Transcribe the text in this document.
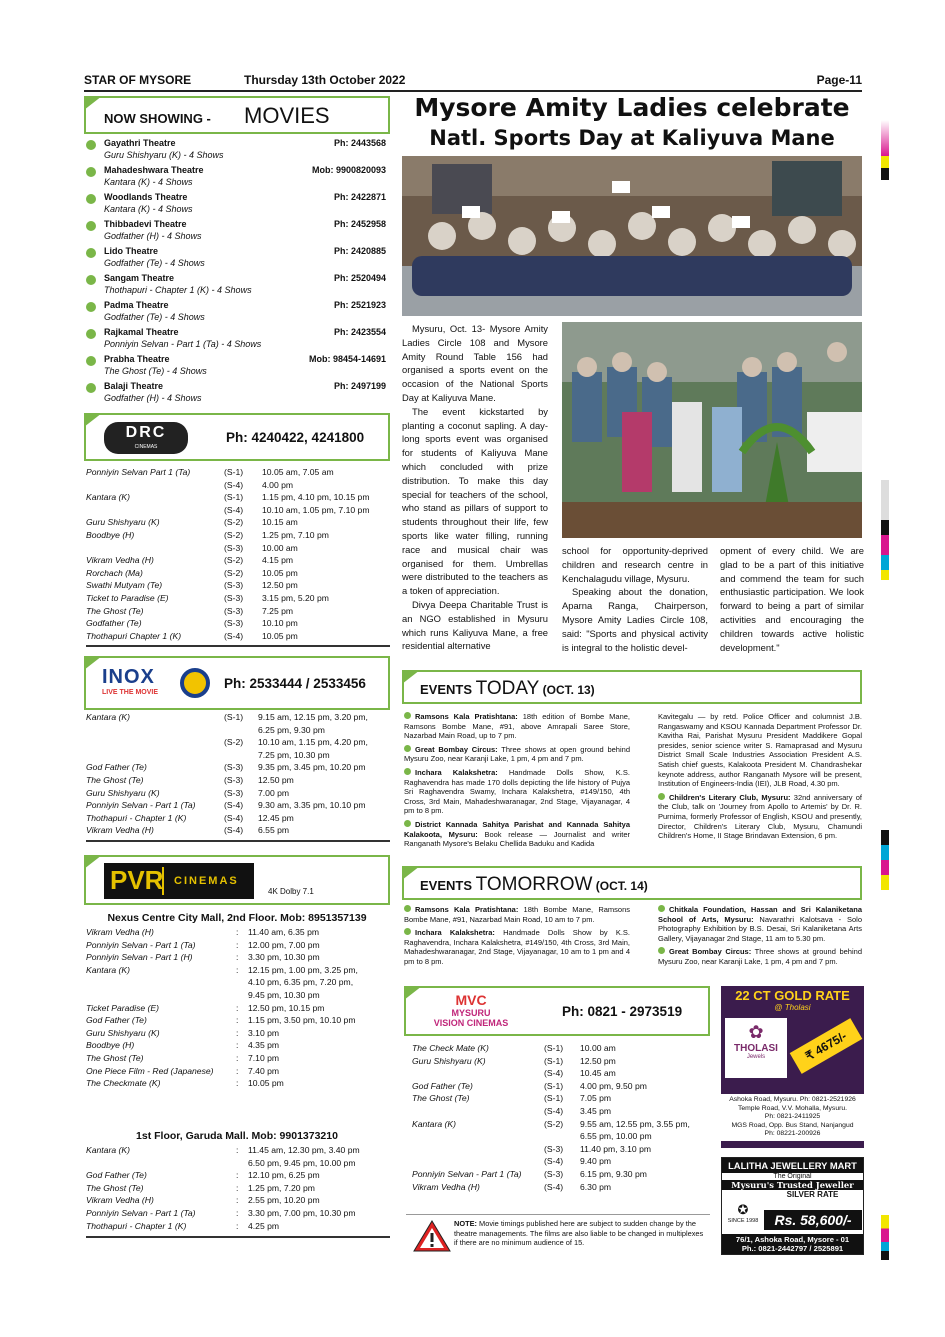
STAR OF MYSORE	Thursday 13th October 2022	Page-11
NOW SHOWING - MOVIES
Gayathri Theatre	Ph: 2443568
Guru Shishyaru (K) - 4 Shows
Mahadeshwara Theatre	Mob: 9900820093
Kantara (K) - 4 Shows
Woodlands Theatre	Ph: 2422871
Kantara (K) - 4 Shows
Thibbadevi Theatre	Ph: 2452958
Godfather (H) - 4 Shows
Lido Theatre	Ph: 2420885
Godfather (Te) - 4 Shows
Sangam Theatre	Ph: 2520494
Thothapuri - Chapter 1 (K) - 4 Shows
Padma Theatre	Ph: 2521923
Godfather (Te) - 4 Shows
Rajkamal Theatre	Ph: 2423554
Ponniyin Selvan - Part 1 (Ta) - 4 Shows
Prabha Theatre	Mob: 98454-14691
The Ghost (Te) - 4 Shows
Balaji Theatre	Ph: 2497199
Godfather (H) - 4 Shows
DRC
CINEMAS
Ph: 4240422, 4241800
Ponniyin Selvan Part 1 (Ta)	(S-1)	10.05 am, 7.05 am
	(S-4)	4.00 pm
Kantara (K)	(S-1)	1.15 pm, 4.10 pm, 10.15 pm
	(S-4)	10.10 am, 1.05 pm, 7.10 pm
Guru Shishyaru (K)	(S-2)	10.15 am
Boodbye (H)	(S-2)	1.25 pm, 7.10 pm
	(S-3)	10.00 am
Vikram Vedha (H)	(S-2)	4.15 pm
Rorchach (Ma)	(S-2)	10.05 pm
Swathi Mutyam (Te)	(S-3)	12.50 pm
Ticket to Paradise (E)	(S-3)	3.15 pm, 5.20 pm
The Ghost (Te)	(S-3)	7.25 pm
Godfather (Te)	(S-3)	10.10 pm
Thothapuri Chapter 1 (K)	(S-4)	10.05 pm
INOX
LIVE THE MOVIE
Ph: 2533444 / 2533456
Kantara (K)	(S-1)	9.15 am, 12.15 pm, 3.20 pm,
		6.25 pm, 9.30 pm
	(S-2)	10.10 am, 1.15 pm, 4.20 pm,
		7.25 pm, 10.30 pm
God Father (Te)	(S-3)	9.35 pm, 3.45 pm, 10.20 pm
The Ghost (Te)	(S-3)	12.50 pm
Guru Shishyaru (K)	(S-3)	7.00 pm
Ponniyin Selvan - Part 1 (Ta)	(S-4)	9.30 am, 3.35 pm, 10.10 pm
Thothapuri - Chapter 1 (K)	(S-4)	12.45 pm
Vikram Vedha (H)	(S-4)	6.55 pm
PVR CINEMAS
4K Dolby 7.1
Nexus Centre City Mall, 2nd Floor. Mob: 8951357139
Vikram Vedha (H)	:	11.40 am, 6.35 pm
Ponniyin Selvan - Part 1 (Ta)	:	12.00 pm, 7.00 pm
Ponniyin Selvan - Part 1 (H)	:	3.30 pm, 10.30 pm
Kantara (K)	:	12.15 pm, 1.00 pm, 3.25 pm,
		4.10 pm, 6.35 pm, 7.20 pm,
		9.45 pm, 10.30 pm
Ticket Paradise (E)	:	12.50 pm, 10.15 pm
God Father (Te)	:	1.15 pm, 3.50 pm, 10.10 pm
Guru Shishyaru (K)	:	3.10 pm
Boodbye (H)	:	4.35 pm
The Ghost (Te)	:	7.10 pm
One Piece Film - Red (Japanese)	:	7.40 pm
The Checkmate (K)	:	10.05 pm
1st Floor, Garuda Mall. Mob: 9901373210
Kantara (K)	:	11.45 am, 12.30 pm, 3.40 pm
		6.50 pm, 9.45 pm, 10.00 pm
God Father (Te)	:	12.10 pm, 6.25 pm
The Ghost (Te)	:	1.25 pm, 7.20 pm
Vikram Vedha (H)	:	2.55 pm, 10.20 pm
Ponniyin Selvan - Part 1 (Ta)	:	3.30 pm, 7.00 pm, 10.30 pm
Thothapuri - Chapter 1 (K)	:	4.25 pm
Mysore Amity Ladies celebrate
Natl. Sports Day at Kaliyuva Mane

Mysuru, Oct. 13- Mysore Amity Ladies Circle 108 and Mysore Amity Round Table 156 had organised a sports event on the occasion of the National Sports Day at Kaliyuva Mane.

The event kickstarted by planting a coconut sapling. A day-long sports event was organised for students of Kaliyuva Mane which concluded with prize distribution. To make this day special for teachers of the school, who stand as pillars of support to students throughout their life, few sports like water filling, running race and musical chair was organised for them. Umbrellas were distributed to the teachers as a token of appreciation.

Divya Deepa Charitable Trust is an NGO established in Mysuru which runs Kaliyuva Mane, a free residential alternative

school for opportunity-deprived children and research centre in Kenchalagudu village, Mysuru.

Speaking about the donation, Aparna Ranga, Chairperson, Mysore Amity Ladies Circle 108, said: "Sports and physical activity is integral to the holistic devel-

opment of every child. We are glad to be a part of this initiative and commend the team for such enthusiastic participation. We look forward to being a part of similar activities and encouraging the children towards active holistic development."

EVENTS TODAY (OCT. 13)

Ramsons Kala Pratishtana: 18th edition of Bombe Mane, Ramsons Bombe Mane, #91, above Amrapali Saree Store, Nazarbad Main Road, up to 7 pm.

Great Bombay Circus: Three shows at open ground behind Mysuru Zoo, near Karanji Lake, 1 pm, 4 pm and 7 pm.

Inchara Kalakshetra: Handmade Dolls Show, K.S. Raghavendra has made 170 dolls depicting the life history of Pujya Sri Raghavendra Swamy, Inchara Kalakshetra, #149/150, 4th Cross, 3rd Main, Mahadeshwaranagar, 2nd Stage, Vijayanagar, 4 pm to 8 pm.

District Kannada Sahitya Parishat and Kannada Sahitya Kalakoota, Mysuru: Book release — Journalist and writer Ranganath Mysore's Belaku Chellida Baduku and Kadida

Kavitegalu — by retd. Police Officer and columnist J.B. Rangaswamy and KSOU Kannada Department Professor Dr. Kavitha Rai, Parishat Mysuru President Maddikere Gopal presides, senior science writer S. Ramaprasad and Mysuru District Small Scale Industries Association President A.S. Satish chief guests, Kalakoota President M. Chandrashekar keynote address, author Ranganath Mysore will be present, Institution of Engineers-India (IEI), JLB Road, 4.30 pm.

Children's Literary Club, Mysuru: 32nd anniversary of the Club, talk on 'Journey from Apollo to Artemis' by Dr. R. Purnima, formerly Professor of English, KSOU and presently, Director, Children's Literary Club, Mysuru, Chamundi Children's Home, II Stage Brindavan Extension, 6 pm.

EVENTS TOMORROW (OCT. 14)

Ramsons Kala Pratishtana: 18th Bombe Mane, Ramsons Bombe Mane, #91, Nazarbad Main Road, 10 am to 7 pm.

Inchara Kalakshetra: Handmade Dolls Show by K.S. Raghavendra, Inchara Kalakshetra, #149/150, 4th Cross, 3rd Main, Mahadeshwaranagar, 2nd Stage, Vijayanagar, 10 am to 1 pm and 4 pm to 8 pm.

Chitkala Foundation, Hassan and Sri Kalaniketana School of Arts, Mysuru: Navarathri Kalotsava - Solo Photography Exhibition by B.S. Desai, Sri Kalaniketana Arts Gallery, Vijayanagar 2nd Stage, 11 am to 5.30 pm.

Great Bombay Circus: Three shows at ground behind Mysuru Zoo, near Karanji Lake, 1 pm, 4 pm and 7 pm.

MVC
MYSURU
VISION CINEMAS
Ph: 0821 - 2973519
The Check Mate (K)	(S-1)	10.00 am
Guru Shishyaru (K)	(S-1)	12.50 pm
	(S-4)	10.45 am
God Father (Te)	(S-1)	4.00 pm, 9.50 pm
The Ghost (Te)	(S-1)	7.05 pm
	(S-4)	3.45 pm
Kantara (K)	(S-2)	9.55 am, 12.55 pm, 3.55 pm,
		6.55 pm, 10.00 pm
	(S-3)	11.40 pm, 3.10 pm
	(S-4)	9.40 pm
Ponniyin Selvan - Part 1 (Ta)	(S-3)	6.15 pm, 9.30 pm
Vikram Vedha (H)	(S-4)	6.30 pm
NOTE: Movie timings published here are subject to sudden change by the theatre managements. The films are also liable to be changed in multiplexes if there are no minimum audience of 15.
22 CT GOLD RATE
@ Tholasi
✿
THOLASI
Jewels	₹ 4675/-
Ashoka Road, Mysuru. Ph: 0821-2521926
Temple Road, V.V. Mohalla, Mysuru.
Ph: 0821-2411925
MGS Road, Opp. Bus Stand, Nanjangud
Ph: 08221-200926
LALITHA JEWELLERY MART
The Original
Mysuru's Trusted Jeweller
SILVER RATE
✪
SINCE 1998	Rs. 58,600/-
76/1, Ashoka Road, Mysore - 01
Ph.: 0821-2442797 / 2525891
